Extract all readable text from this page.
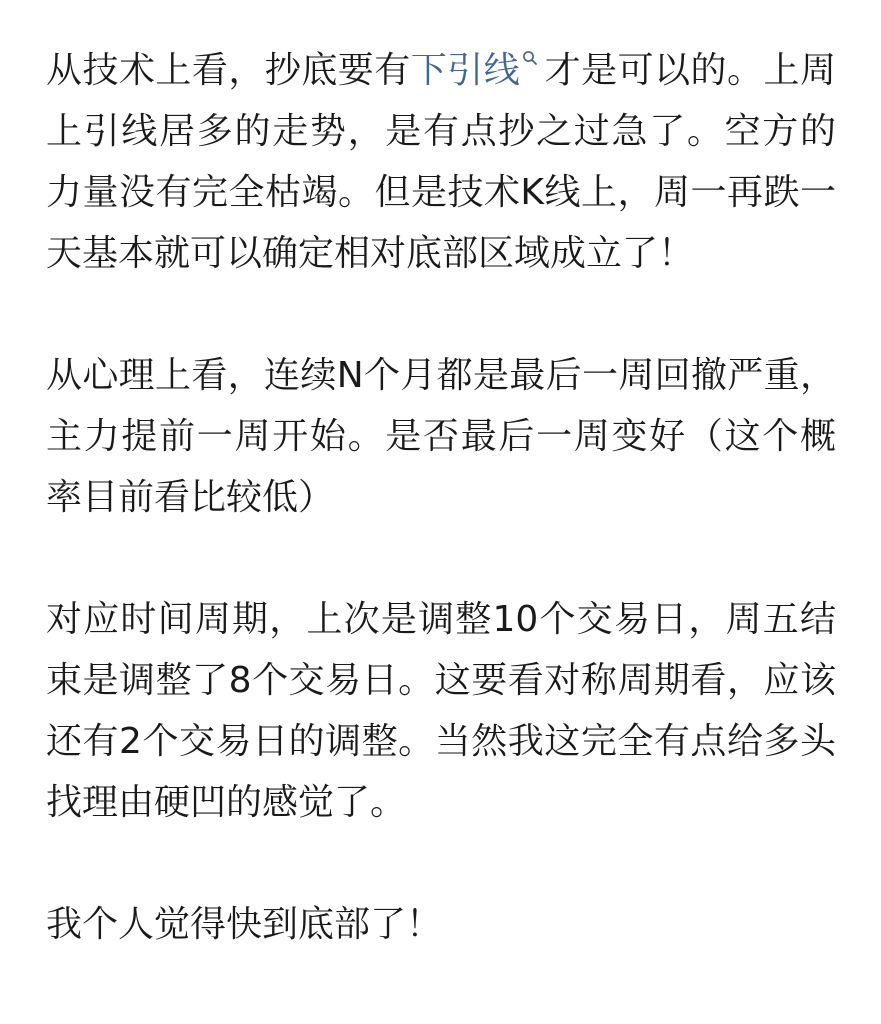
从技术上看，抄底要有下引线 才是可以的。上周上引线居多的走势，是有点抄之过急了。空方的力量没有完全枯竭。但是技术K线上，周一再跌一天基本就可以确定相对底部区域成立了！

从心理上看，连续N个月都是最后一周回撤严重，主力提前一周开始。是否最后一周变好（这个概率目前看比较低）

对应时间周期，上次是调整10个交易日，周五结束是调整了8个交易日。这要看对称周期看，应该还有2个交易日的调整。当然我这完全有点给多头找理由硬凹的感觉了。

我个人觉得快到底部了！
